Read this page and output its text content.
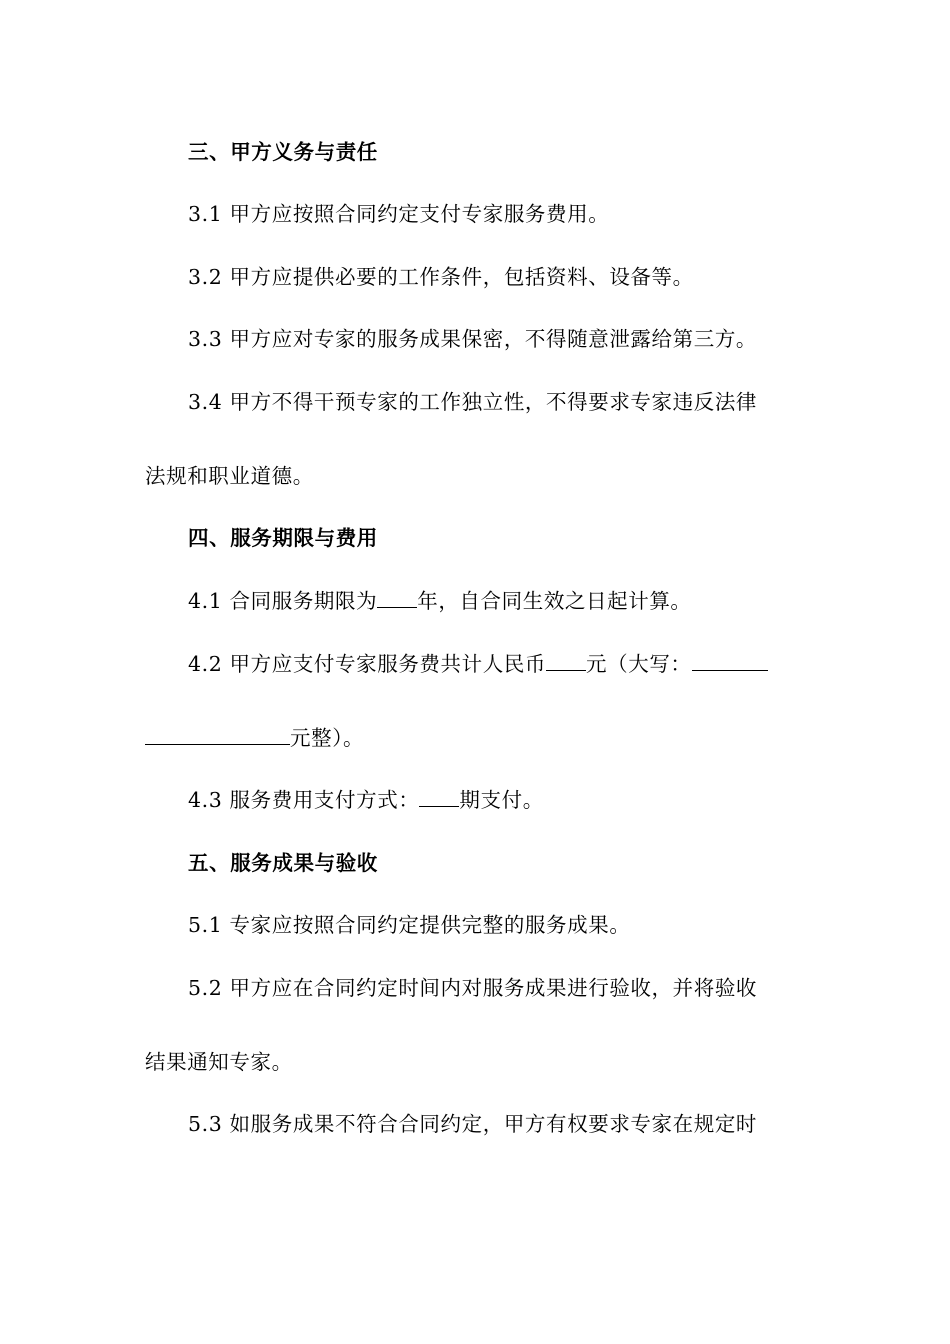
三、甲方义务与责任
3.1 甲方应按照合同约定支付专家服务费用。
3.2 甲方应提供必要的工作条件，包括资料、设备等。
3.3 甲方应对专家的服务成果保密，不得随意泄露给第三方。
3.4 甲方不得干预专家的工作独立性，不得要求专家违反法律
法规和职业道德。
四、服务期限与费用
4.1 合同服务期限为 年，自合同生效之日起计算。
4.2 甲方应支付专家服务费共计人民币 元（大写：
元整）。
4.3 服务费用支付方式： 期支付。
五、服务成果与验收
5.1 专家应按照合同约定提供完整的服务成果。
5.2 甲方应在合同约定时间内对服务成果进行验收，并将验收
结果通知专家。
5.3 如服务成果不符合合同约定，甲方有权要求专家在规定时
